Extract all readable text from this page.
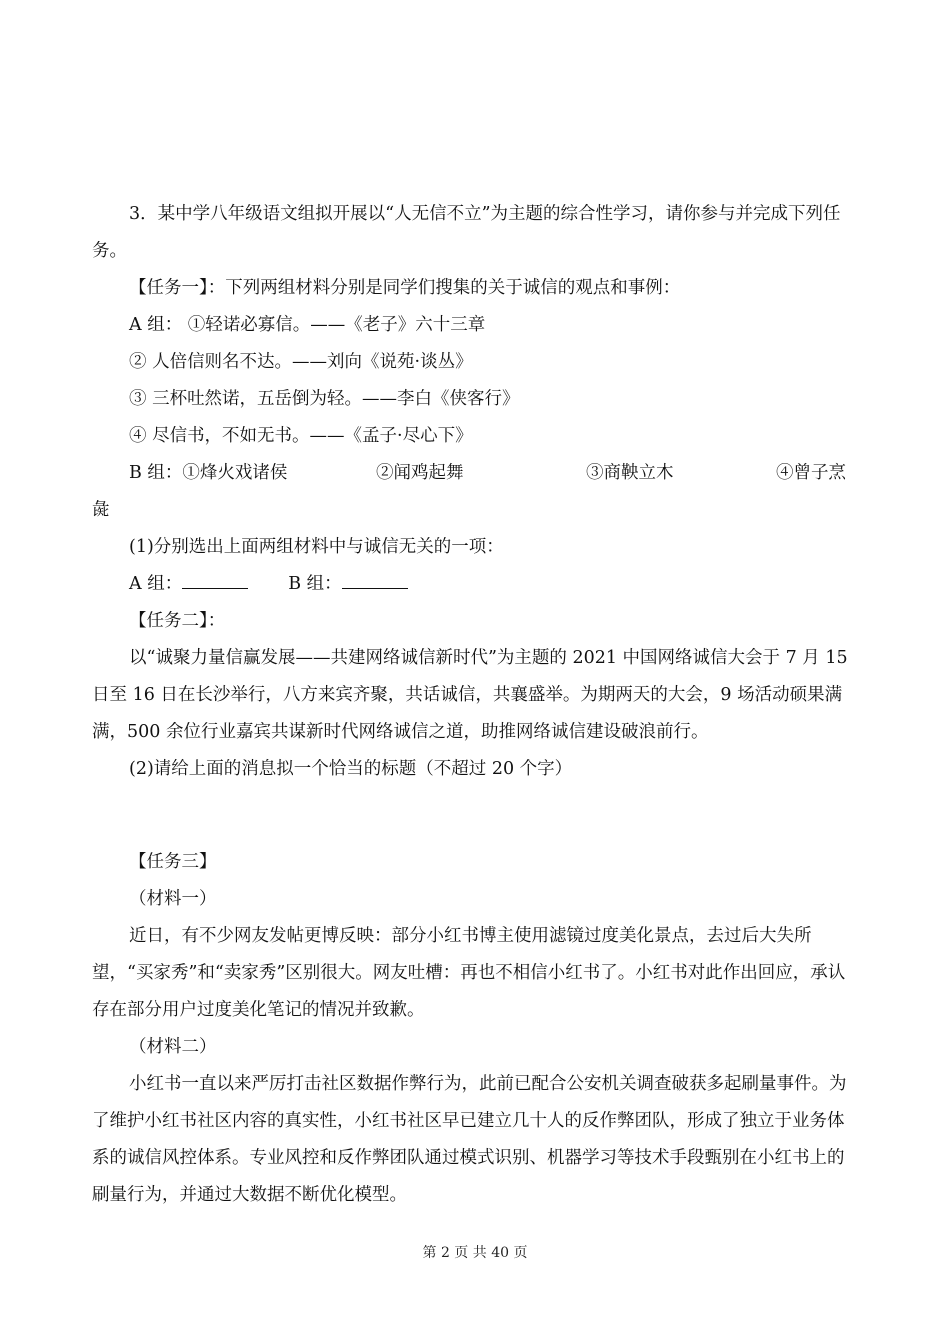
3．某中学八年级语文组拟开展以“人无信不立”为主题的综合性学习，请你参与并完成下列任务。

【任务一】：下列两组材料分别是同学们搜集的关于诚信的观点和事例：

A 组： ①轻诺必寡信。——《老子》六十三章

② 人倍信则名不达。——刘向《说苑·谈丛》

③ 三杯吐然诺，五岳倒为轻。——李白《侠客行》

④ 尽信书，不如无书。——《孟子·尽心下》

B 组：①烽火戏诸侯	②闻鸡起舞	③商鞅立木	④曾子烹

彘

(1)分别选出上面两组材料中与诚信无关的一项：

A 组：	B 组：

【任务二】：

以“诚聚力量信赢发展——共建网络诚信新时代”为主题的 2021 中国网络诚信大会于 7 月 15 日至 16 日在长沙举行，八方来宾齐聚，共话诚信，共襄盛举。为期两天的大会，9 场活动硕果满满，500 余位行业嘉宾共谋新时代网络诚信之道，助推网络诚信建设破浪前行。

(2)请给上面的消息拟一个恰当的标题（不超过 20 个字）

【任务三】

（材料一）

近日，有不少网友发帖更博反映：部分小红书博主使用滤镜过度美化景点，去过后大失所望，“买家秀”和“卖家秀”区别很大。网友吐槽：再也不相信小红书了。小红书对此作出回应，承认存在部分用户过度美化笔记的情况并致歉。

（材料二）

小红书一直以来严厉打击社区数据作弊行为，此前已配合公安机关调查破获多起刷量事件。为了维护小红书社区内容的真实性，小红书社区早已建立几十人的反作弊团队，形成了独立于业务体系的诚信风控体系。专业风控和反作弊团队通过模式识别、机器学习等技术手段甄别在小红书上的刷量行为，并通过大数据不断优化模型。

第 2 页 共 40 页
